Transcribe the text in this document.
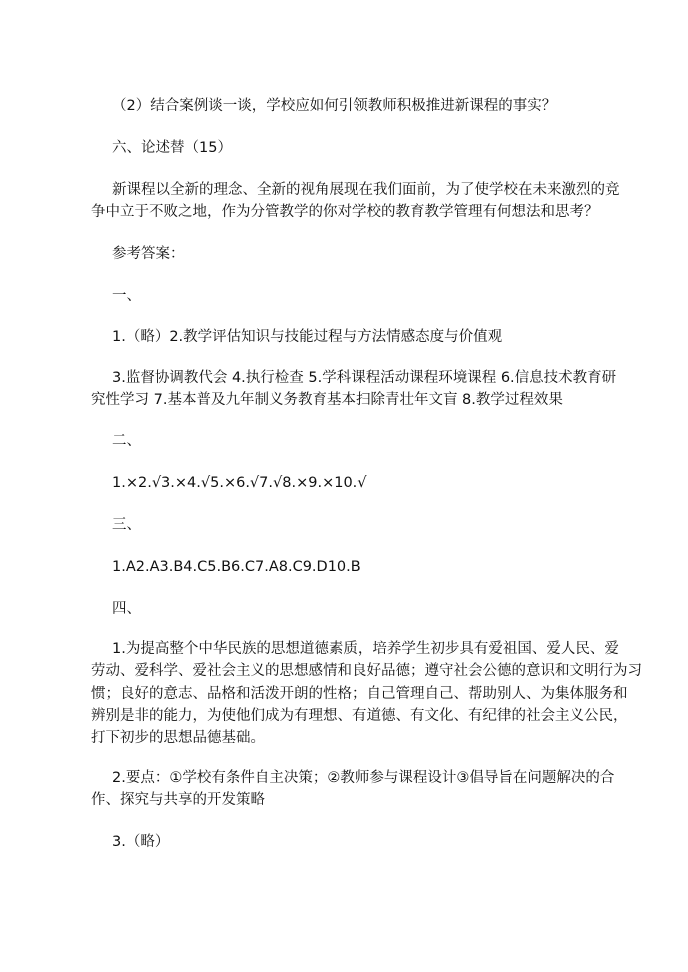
（2）结合案例谈一谈，学校应如何引领教师积极推进新课程的事实？

六、论述替（15）

新课程以全新的理念、全新的视角展现在我们面前，为了使学校在未来激烈的竞

争中立于不败之地，作为分管教学的你对学校的教育教学管理有何想法和思考？

参考答案：

一、

1.（略）2.教学评估知识与技能过程与方法情感态度与价值观

3.监督协调教代会 4.执行检查 5.学科课程活动课程环境课程 6.信息技术教育研

究性学习 7.基本普及九年制义务教育基本扫除青壮年文盲 8.教学过程效果

二、

1.×2.√3.×4.√5.×6.√7.√8.×9.×10.√

三、

1.A2.A3.B4.C5.B6.C7.A8.C9.D10.B

四、

1.为提高整个中华民族的思想道德素质，培养学生初步具有爱祖国、爱人民、爱

劳动、爱科学、爱社会主义的思想感情和良好品德；遵守社会公德的意识和文明行为习

惯；良好的意志、品格和活泼开朗的性格；自己管理自己、帮助别人、为集体服务和

辨别是非的能力，为使他们成为有理想、有道德、有文化、有纪律的社会主义公民，

打下初步的思想品德基础。

2.要点：①学校有条件自主决策；②教师参与课程设计③倡导旨在问题解决的合

作、探究与共享的开发策略

3.（略）
